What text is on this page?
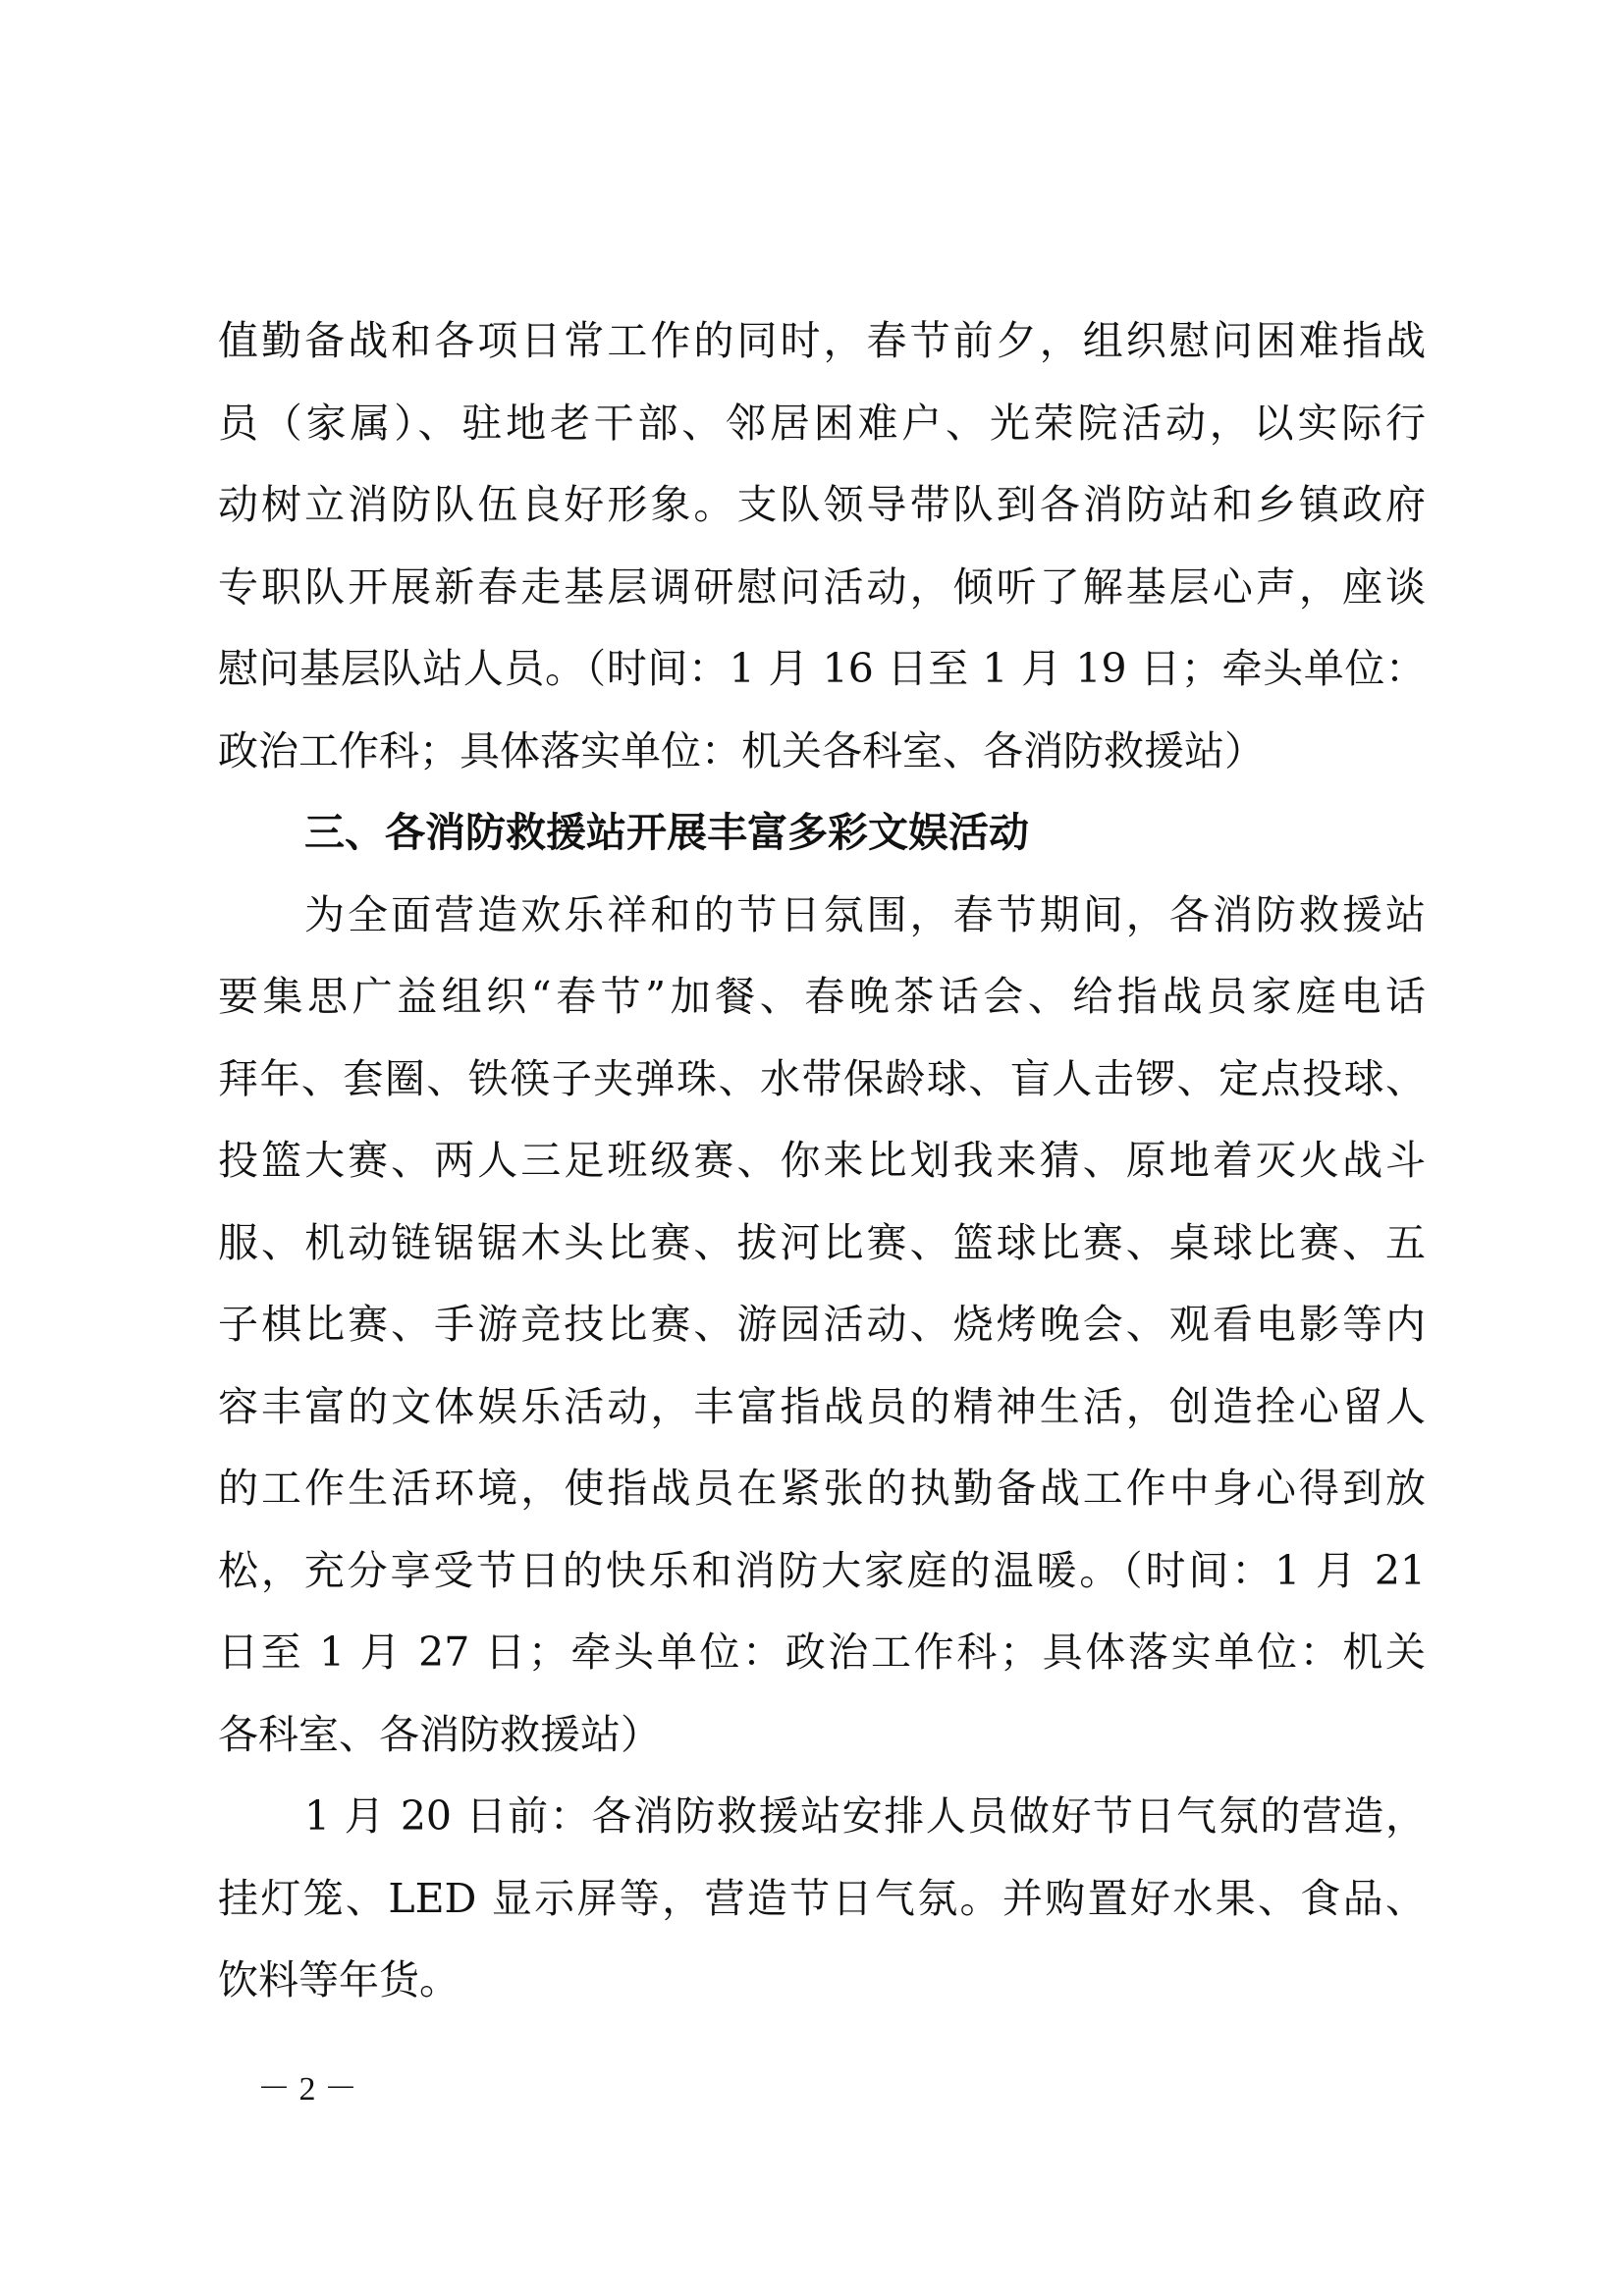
值勤备战和各项日常工作的同时，春节前夕，组织慰问困难指战
员（家属）、驻地老干部、邻居困难户、光荣院活动，以实际行
动树立消防队伍良好形象。支队领导带队到各消防站和乡镇政府
专职队开展新春走基层调研慰问活动，倾听了解基层心声，座谈
慰问基层队站人员。（时间：1 月 16 日至 1 月 19 日；牵头单位：
政治工作科；具体落实单位：机关各科室、各消防救援站）
三、各消防救援站开展丰富多彩文娱活动
为全面营造欢乐祥和的节日氛围，春节期间，各消防救援站
要集思广益组织“春节”加餐、春晚茶话会、给指战员家庭电话
拜年、套圈、铁筷子夹弹珠、水带保龄球、盲人击锣、定点投球、
投篮大赛、两人三足班级赛、你来比划我来猜、原地着灭火战斗
服、机动链锯锯木头比赛、拔河比赛、篮球比赛、桌球比赛、五
子棋比赛、手游竞技比赛、游园活动、烧烤晚会、观看电影等内
容丰富的文体娱乐活动，丰富指战员的精神生活，创造拴心留人
的工作生活环境，使指战员在紧张的执勤备战工作中身心得到放
松，充分享受节日的快乐和消防大家庭的温暖。（时间：1 月 21
日至 1 月 27 日；牵头单位：政治工作科；具体落实单位：机关
各科室、各消防救援站）
1 月 20 日前：各消防救援站安排人员做好节日气氛的营造，
挂灯笼、LED 显示屏等，营造节日气氛。并购置好水果、食品、
饮料等年货。
－ 2 －
